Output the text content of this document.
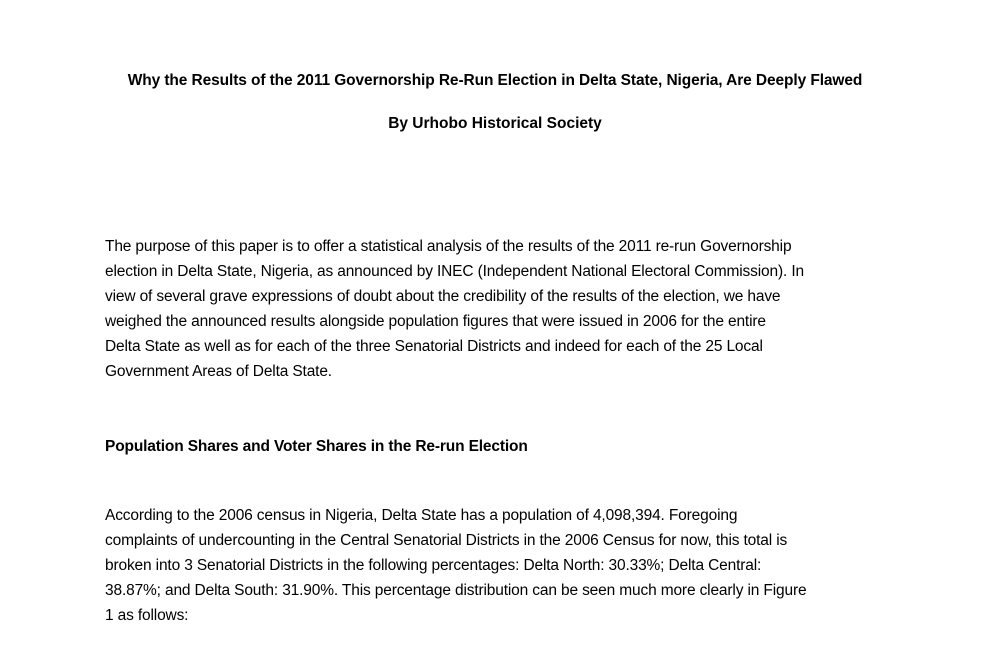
Why the Results of the 2011 Governorship Re-Run Election in Delta State, Nigeria, Are Deeply Flawed
By Urhobo Historical Society
The purpose of this paper is to offer a statistical analysis of the results of the 2011 re-run Governorship
election in Delta State, Nigeria, as announced by INEC (Independent National Electoral Commission). In
view of several grave expressions of doubt about the credibility of the results of the election, we have
weighed the announced results alongside population figures that were issued in 2006 for the entire
Delta State as well as for each of the three Senatorial Districts and indeed for each of the 25 Local
Government Areas of Delta State.
Population Shares and Voter Shares in the Re-run Election
According to the 2006 census in Nigeria, Delta State has a population of 4,098,394. Foregoing
complaints of undercounting in the Central Senatorial Districts in the 2006 Census for now, this total is
broken into 3 Senatorial Districts in the following percentages: Delta North: 30.33%; Delta Central:
38.87%; and Delta South: 31.90%. This percentage distribution can be seen much more clearly in Figure
1 as follows:
